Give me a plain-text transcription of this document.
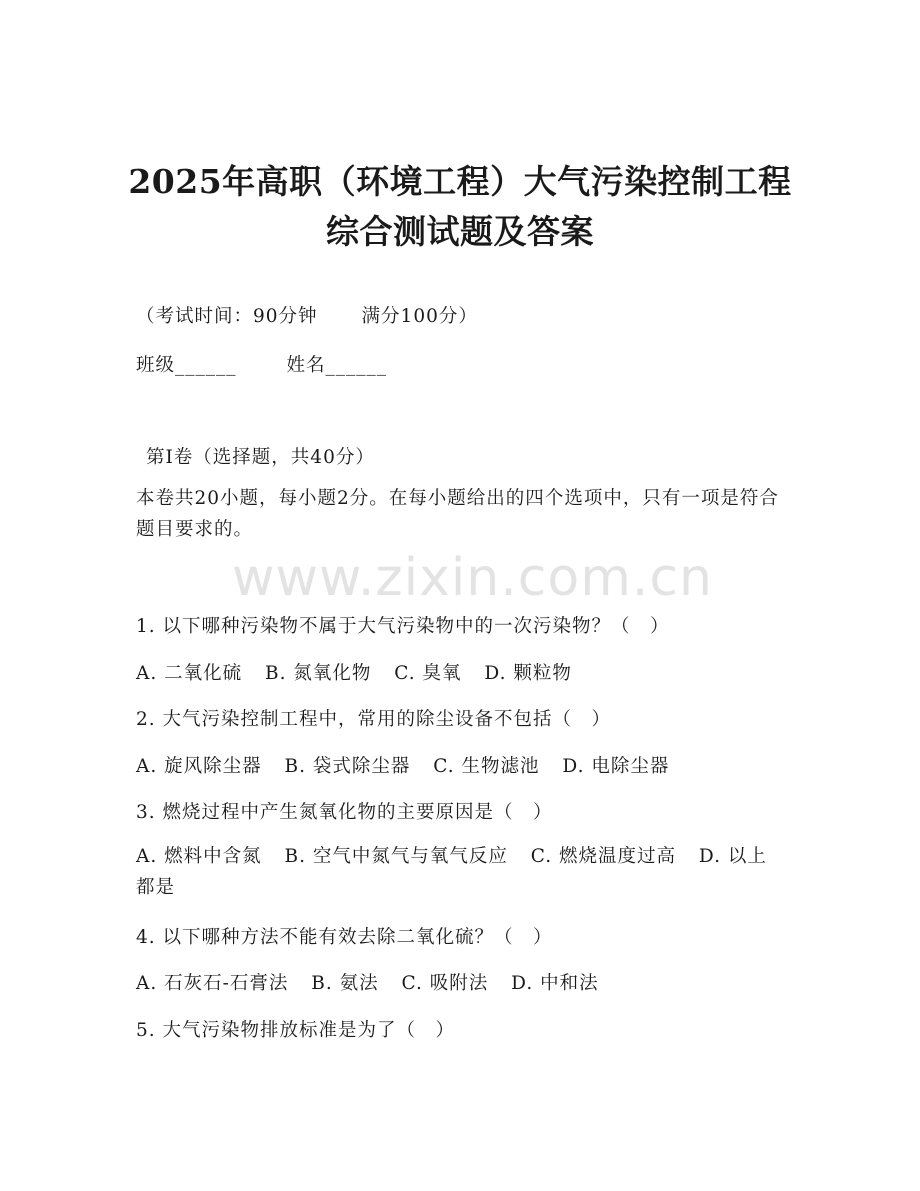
2025年高职（环境工程）大气污染控制工程
综合测试题及答案
（考试时间：90分钟 满分100分）
班级______	姓名______
第Ⅰ卷（选择题，共40分）
本卷共20小题，每小题2分。在每小题给出的四个选项中，只有一项是符合题目要求的。
www.zixin.com.cn
1. 以下哪种污染物不属于大气污染物中的一次污染物？（　）
A. 二氧化硫 B. 氮氧化物 C. 臭氧 D. 颗粒物
2. 大气污染控制工程中，常用的除尘设备不包括（　）
A. 旋风除尘器 B. 袋式除尘器 C. 生物滤池 D. 电除尘器
3. 燃烧过程中产生氮氧化物的主要原因是（　）
A. 燃料中含氮 B. 空气中氮气与氧气反应 C. 燃烧温度过高 D. 以上都是
4. 以下哪种方法不能有效去除二氧化硫？（　）
A. 石灰石-石膏法 B. 氨法 C. 吸附法 D. 中和法
5. 大气污染物排放标准是为了（　）
